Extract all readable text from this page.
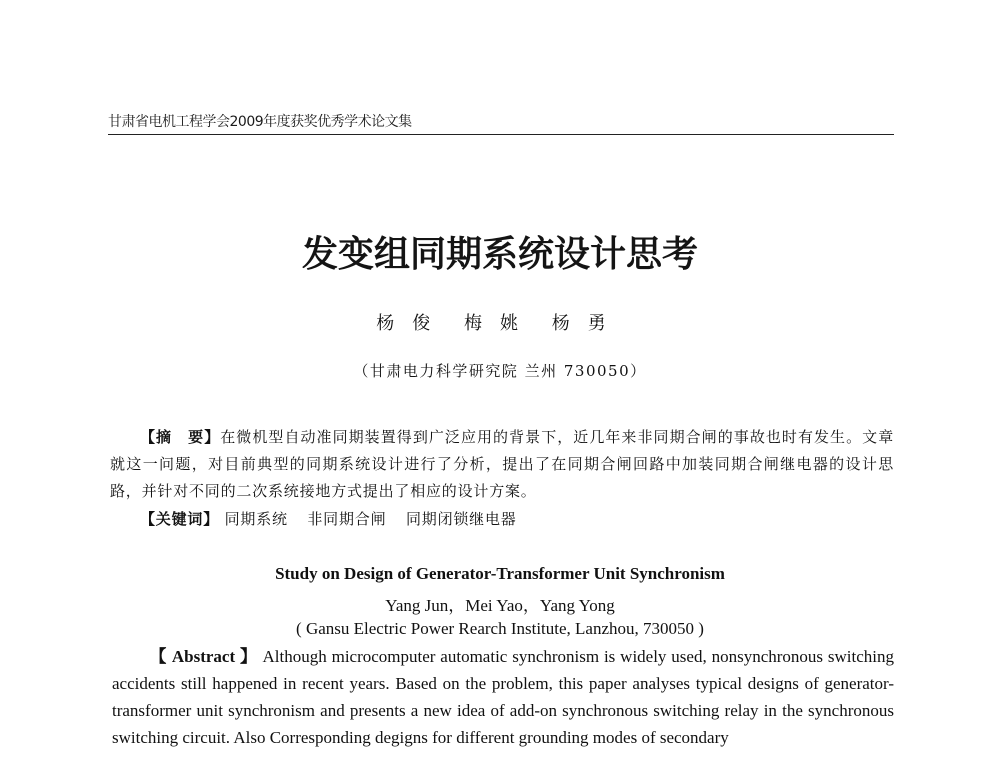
甘肃省电机工程学会2009年度获奖优秀学术论文集
发变组同期系统设计思考
杨俊 梅姚 杨勇
（甘肃电力科学研究院 兰州 730050）
【摘　要】在微机型自动准同期装置得到广泛应用的背景下，近几年来非同期合闸的事故也时有发生。文章就这一问题，对目前典型的同期系统设计进行了分析，提出了在同期合闸回路中加装同期合闸继电器的设计思路，并针对不同的二次系统接地方式提出了相应的设计方案。
【关键词】 同期系统 非同期合闸 同期闭锁继电器
Study on Design of Generator-Transformer Unit Synchronism
Yang Jun，Mei Yao，Yang Yong
( Gansu Electric Power Rearch Institute, Lanzhou, 730050 )
【 Abstract 】 Although microcomputer automatic synchronism is widely used, nonsynchronous switching accidents still happened in recent years. Based on the problem, this paper analyses typical designs of generator-transformer unit synchronism and presents a new idea of add-on synchronous switching relay in the synchronous switching circuit. Also Corresponding degigns for different grounding modes of secondary
